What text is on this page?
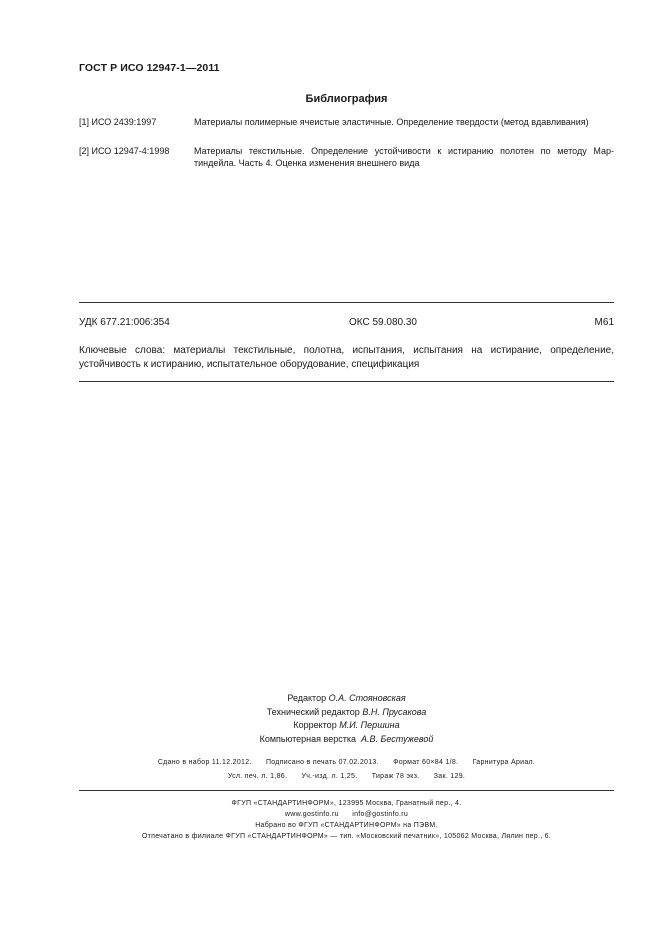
ГОСТ Р ИСО 12947-1—2011
Библиография
[1] ИСО 2439:1997	Материалы полимерные ячеистые эластичные. Определение твердости (метод вдавливания)
[2] ИСО 12947-4:1998	Материалы текстильные. Определение устойчивости к истиранию полотен по методу Мар-тиндейла. Часть 4. Оценка изменения внешнего вида
УДК 677.21:006:354	ОКС 59.080.30	М61
Ключевые слова: материалы текстильные, полотна, испытания, испытания на истирание, определение, устойчивость к истиранию, испытательное оборудование, спецификация
Редактор О.А. Стояновская
Технический редактор В.Н. Прусакова
Корректор М.И. Першина
Компьютерная верстка А.В. Бестужевой
Сдано в набор 11.12.2012. Подписано в печать 07.02.2013. Формат 60×84 1/8. Гарнитура Ариал.
Усл. печ. л. 1,86. Уч.-изд. л. 1,25. Тираж 78 экз. Зак. 129.
ФГУП «СТАНДАРТИНФОРМ», 123995 Москва, Гранатный пер., 4.
www.gostinfo.ru      info@gostinfo.ru
Набрано во ФГУП «СТАНДАРТИНФОРМ» на ПЭВМ.
Отпечатано в филиале ФГУП «СТАНДАРТИНФОРМ» — тип. «Московский печатник», 105062 Москва, Лялин пер., 6.
